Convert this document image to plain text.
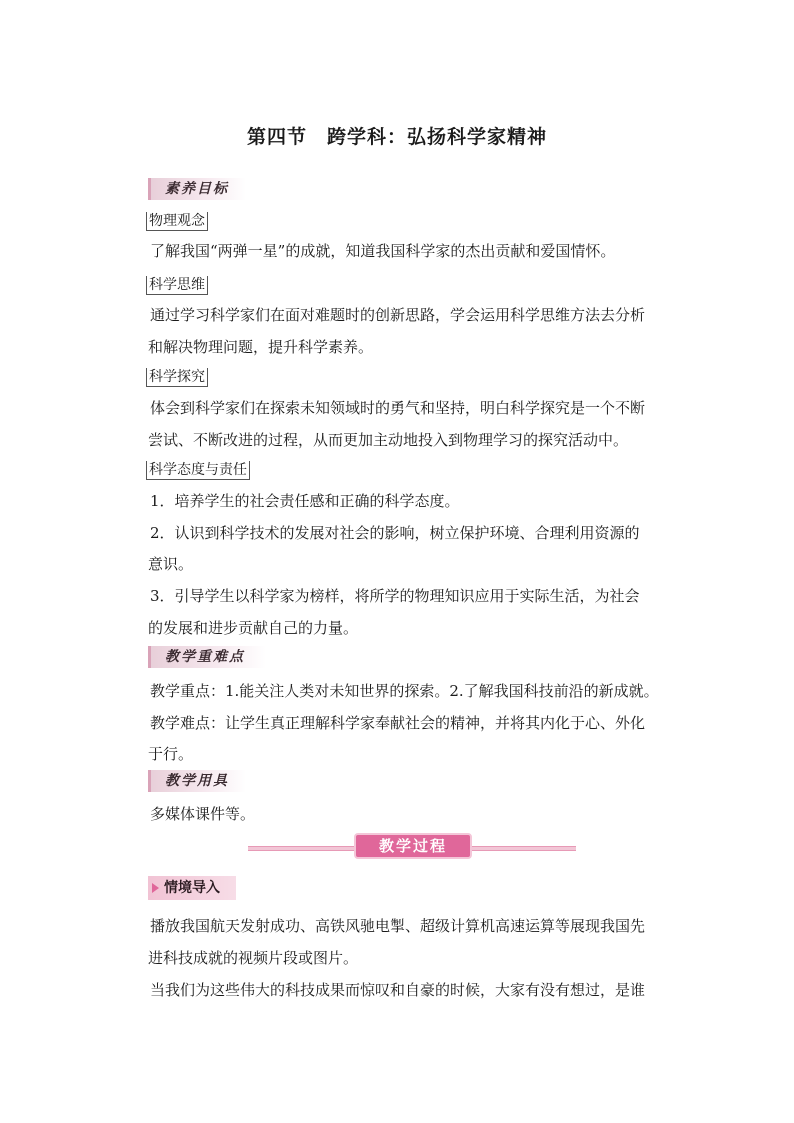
第四节　跨学科：弘扬科学家精神
素养目标
物理观念
了解我国“两弹一星”的成就，知道我国科学家的杰出贡献和爱国情怀。
科学思维
通过学习科学家们在面对难题时的创新思路，学会运用科学思维方法去分析
和解决物理问题，提升科学素养。
科学探究
体会到科学家们在探索未知领域时的勇气和坚持，明白科学探究是一个不断
尝试、不断改进的过程，从而更加主动地投入到物理学习的探究活动中。
科学态度与责任
1．培养学生的社会责任感和正确的科学态度。
2．认识到科学技术的发展对社会的影响，树立保护环境、合理利用资源的
意识。
3．引导学生以科学家为榜样，将所学的物理知识应用于实际生活，为社会
的发展和进步贡献自己的力量。
教学重难点
教学重点：1.能关注人类对未知世界的探索。2.了解我国科技前沿的新成就。
教学难点：让学生真正理解科学家奉献社会的精神，并将其内化于心、外化
于行。
教学用具
多媒体课件等。
教学过程
情境导入
播放我国航天发射成功、高铁风驰电掣、超级计算机高速运算等展现我国先
进科技成就的视频片段或图片。
当我们为这些伟大的科技成果而惊叹和自豪的时候，大家有没有想过，是谁
